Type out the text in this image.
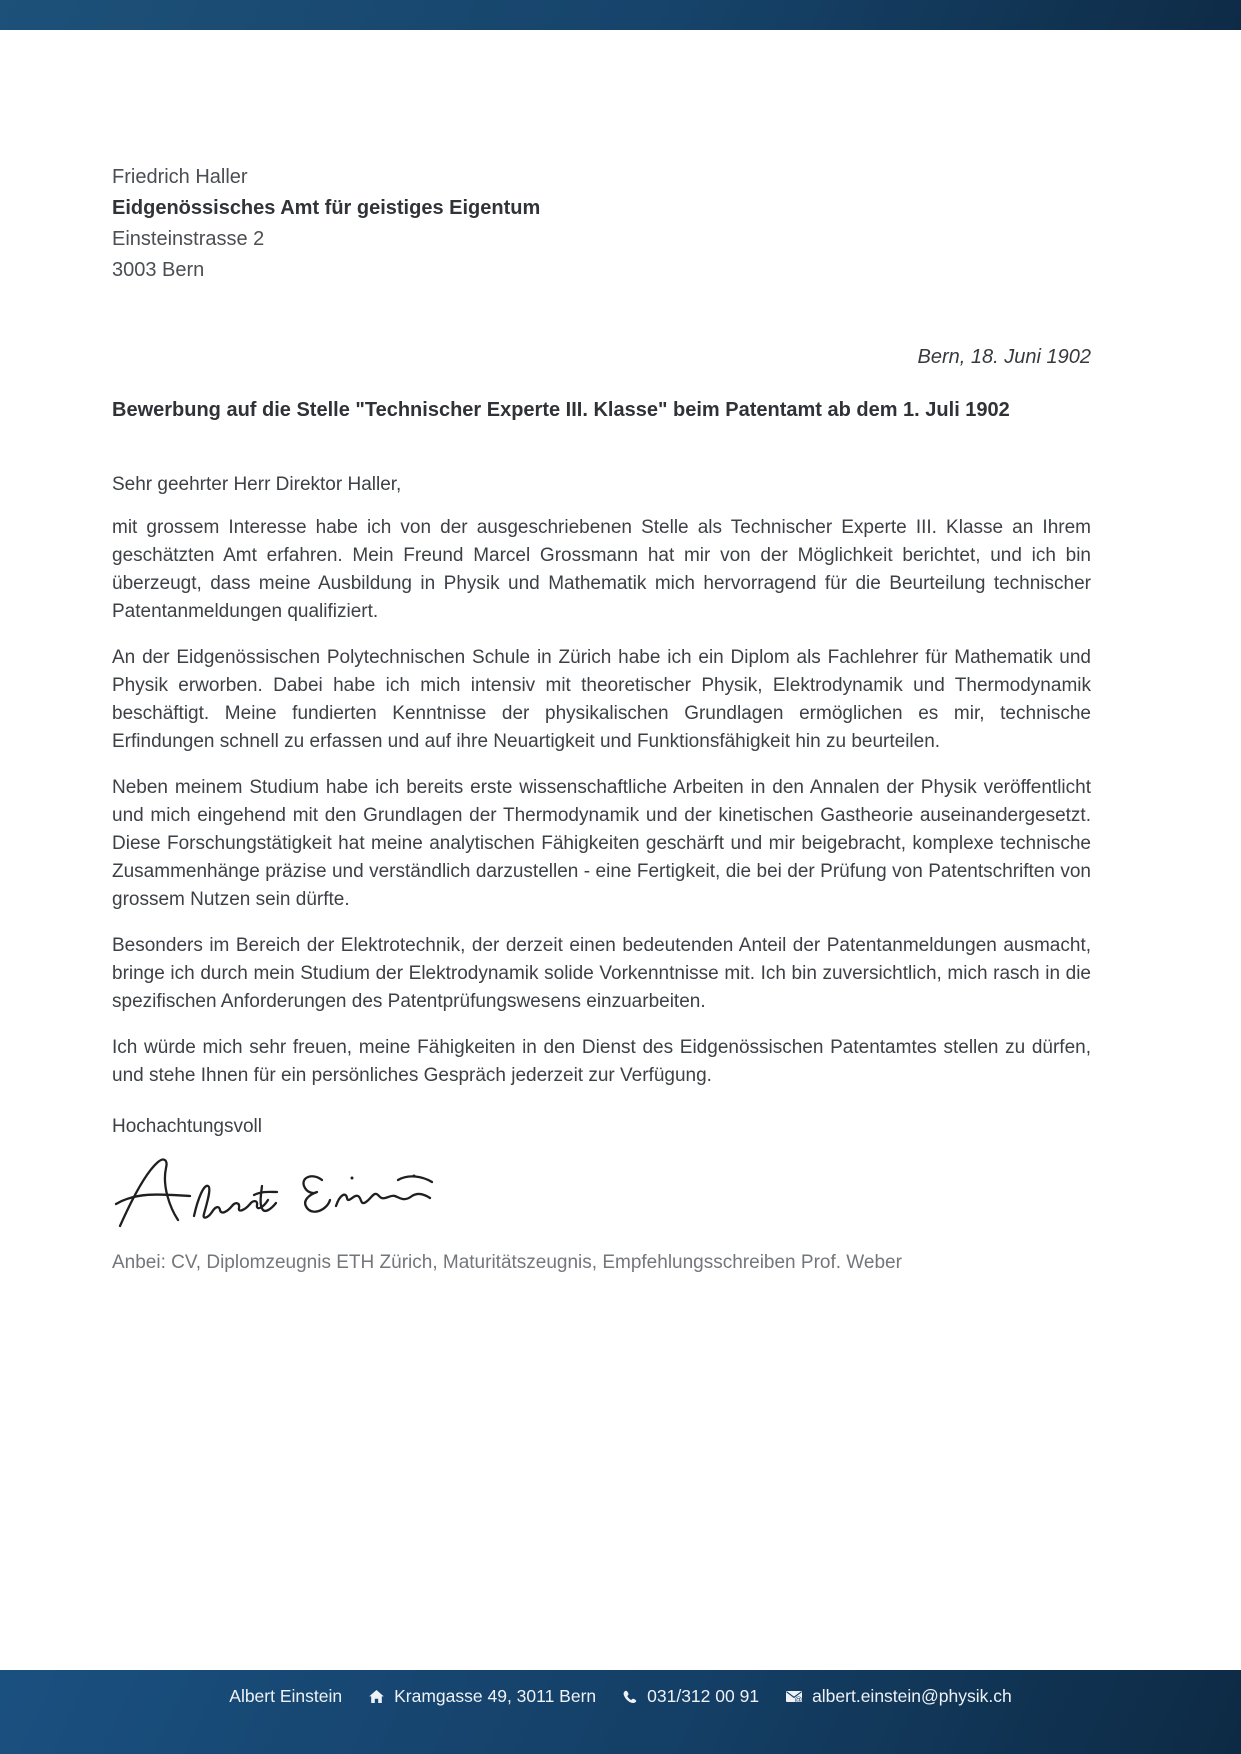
Friedrich Haller
Eidgenössisches Amt für geistiges Eigentum
Einsteinstrasse 2
3003 Bern
Bern, 18. Juni 1902
Bewerbung auf die Stelle "Technischer Experte III. Klasse" beim Patentamt ab dem 1. Juli 1902
Sehr geehrter Herr Direktor Haller,

mit grossem Interesse habe ich von der ausgeschriebenen Stelle als Technischer Experte III. Klasse an Ihrem geschätzten Amt erfahren. Mein Freund Marcel Grossmann hat mir von der Möglichkeit berichtet, und ich bin überzeugt, dass meine Ausbildung in Physik und Mathematik mich hervorragend für die Beurteilung technischer Patentanmeldungen qualifiziert.

An der Eidgenössischen Polytechnischen Schule in Zürich habe ich ein Diplom als Fachlehrer für Mathematik und Physik erworben. Dabei habe ich mich intensiv mit theoretischer Physik, Elektrodynamik und Thermodynamik beschäftigt. Meine fundierten Kenntnisse der physikalischen Grundlagen ermöglichen es mir, technische Erfindungen schnell zu erfassen und auf ihre Neuartigkeit und Funktionsfähigkeit hin zu beurteilen.

Neben meinem Studium habe ich bereits erste wissenschaftliche Arbeiten in den Annalen der Physik veröffentlicht und mich eingehend mit den Grundlagen der Thermodynamik und der kinetischen Gastheorie auseinandergesetzt. Diese Forschungstätigkeit hat meine analytischen Fähigkeiten geschärft und mir beigebracht, komplexe technische Zusammenhänge präzise und verständlich darzustellen - eine Fertigkeit, die bei der Prüfung von Patentschriften von grossem Nutzen sein dürfte.

Besonders im Bereich der Elektrotechnik, der derzeit einen bedeutenden Anteil der Patentanmeldungen ausmacht, bringe ich durch mein Studium der Elektrodynamik solide Vorkenntnisse mit. Ich bin zuversichtlich, mich rasch in die spezifischen Anforderungen des Patentprüfungswesens einzuarbeiten.

Ich würde mich sehr freuen, meine Fähigkeiten in den Dienst des Eidgenössischen Patentamtes stellen zu dürfen, und stehe Ihnen für ein persönliches Gespräch jederzeit zur Verfügung.

Hochachtungsvoll
Anbei: CV, Diplomzeugnis ETH Zürich, Maturitätszeugnis, Empfehlungsschreiben Prof. Weber
Albert Einstein	Kramgasse 49, 3011 Bern	031/312 00 91	@ albert.einstein@physik.ch
